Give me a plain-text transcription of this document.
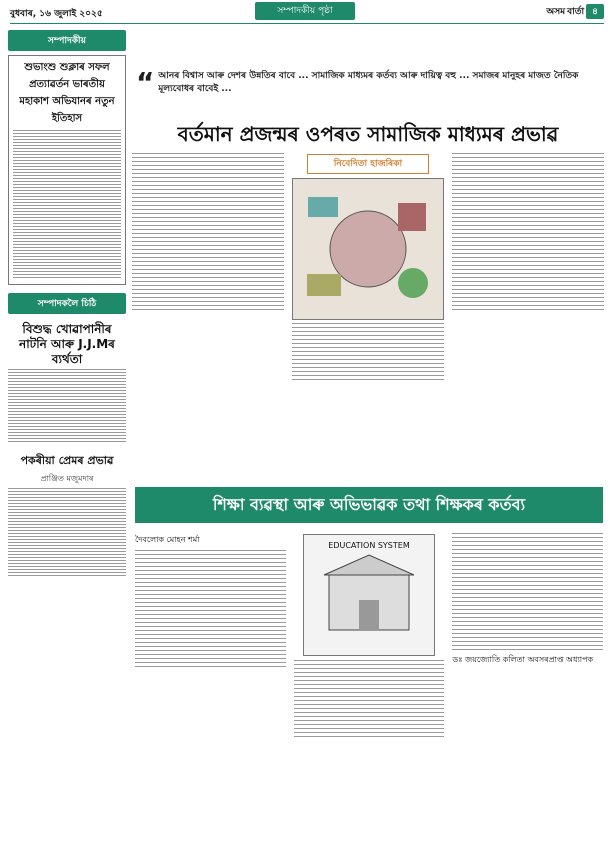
বুধবাৰ, ১৬ জুলাই ২০২৫	সম্পাদকীয় পৃষ্ঠা	অসম বাৰ্তা ৪
সম্পাদকীয়
শুভাংশু শুক্লাৰ সফল প্ৰত্যাৱৰ্তন ভাৰতীয় মহাকাশ অভিযানৰ নতুন ইতিহাস
সম্পাদকলৈ চিঠি
বিশুদ্ধ খোৱাপানীৰ নাটনি আৰু J.J.Mৰ ব্যৰ্থতা
পকৰীয়া প্ৰেমৰ প্ৰভাৱ
প্ৰাঞ্জিত মজুমদাৰ
“ আনৰ বিশ্বাস আৰু দেশৰ উন্নতিৰ বাবে ... সামাজিক মাধ্যমৰ কৰ্তব্য আৰু দায়িত্ব বহু ... সমাজৰ মানুহৰ মাজত নৈতিক মূল্যবোধৰ বাবেই ...
বৰ্তমান প্ৰজন্মৰ ওপৰত সামাজিক মাধ্যমৰ প্ৰভাৱ
নিবেদিতা হাজৰিকা
শিক্ষা ব্যৱস্থা আৰু অভিভাৱক তথা শিক্ষকৰ কৰ্তব্য
দৈবলোক মোহন শৰ্মা
EDUCATION SYSTEM
ডঃ জয়জ্যোতি কলিতা অবসৰপ্ৰাপ্ত অধ্যাপক
